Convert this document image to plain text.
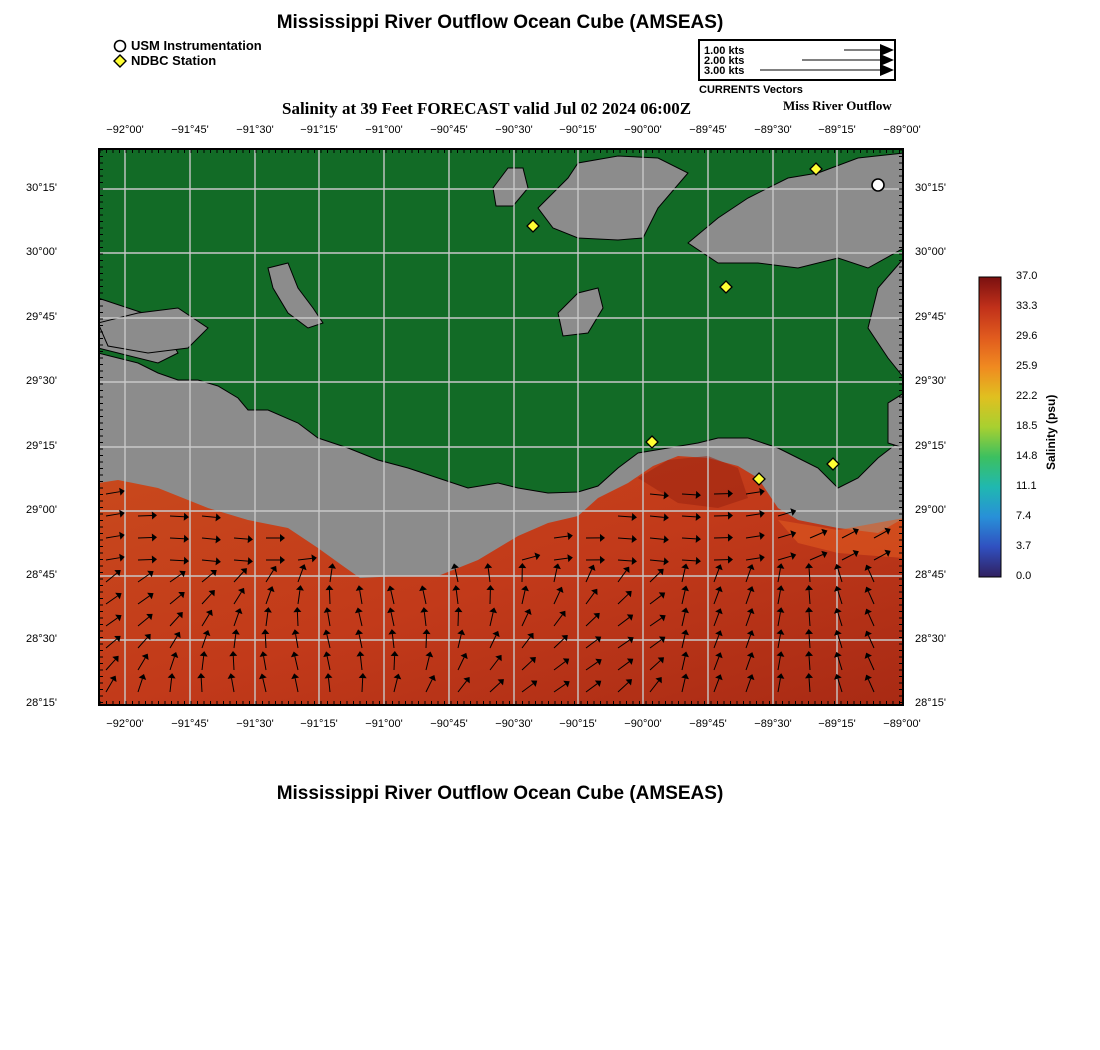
Mississippi River Outflow Ocean Cube (AMSEAS)
USM Instrumentation
NDBC Station
1.00 kts
2.00 kts
3.00 kts
CURRENTS Vectors
Salinity at 39 Feet FORECAST valid Jul 02 2024 06:00Z	Miss River Outflow
−92°00'	−91°45'	−91°30'	−91°15'	−91°00'	−90°45'	−90°30'	−90°15'	−90°00'	−89°45'	−89°30'	−89°15'	−89°00'
−92°00'	−91°45'	−91°30'	−91°15'	−91°00'	−90°45'	−90°30'	−90°15'	−90°00'	−89°45'	−89°30'	−89°15'	−89°00'
30°15'
30°00'
29°45'
29°30'
29°15'
29°00'
28°45'
28°30'
28°15'
30°15'
30°00'
29°45'
29°30'
29°15'
29°00'
28°45'
28°30'
28°15'
37.0
33.3
29.6
25.9
22.2
18.5
14.8
11.1
7.4
3.7
0.0
Salinity (psu)
Mississippi River Outflow Ocean Cube (AMSEAS)
